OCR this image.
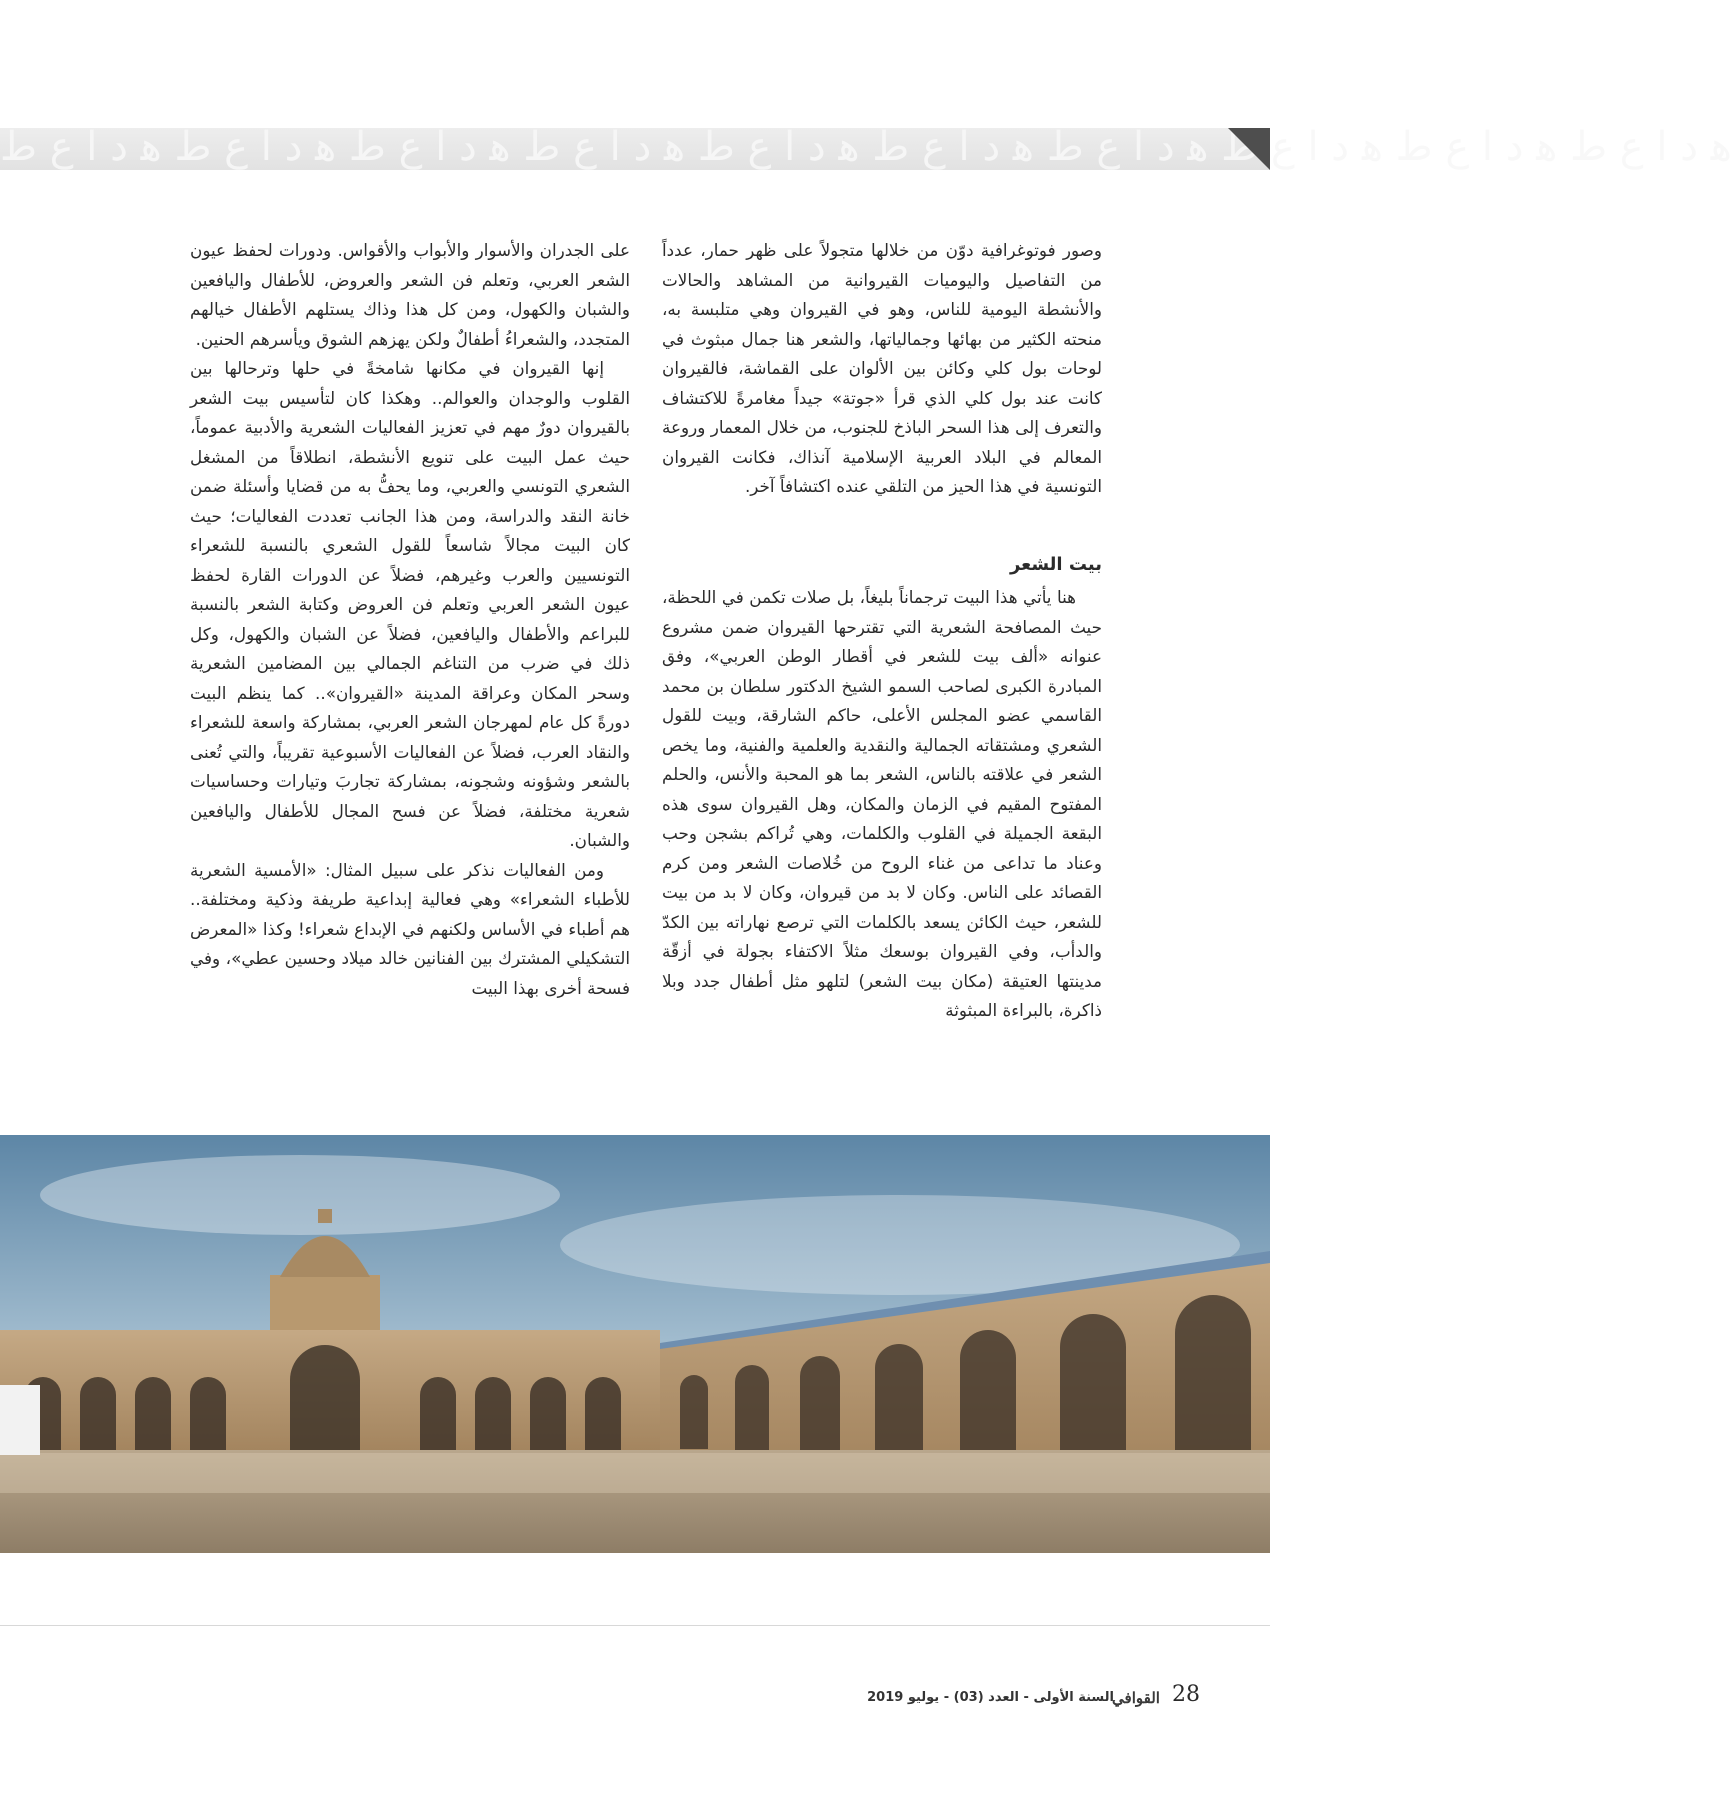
ﻫ ﺩ ﺍ ﻉ ﻁ ﻫ ﺩ ﺍ ﻉ ﻁ ﻫ ﺩ ﺍ ﻉ ﻁ ﻫ ﺩ ﺍ ﻉ ﻁ ﻫ ﺩ ﺍ ﻉ ﻁ ﻫ ﺩ ﺍ ﻉ ﻁ ﻫ ﺩ ﺍ ﻉ ﻁ ﻫ ﺩ ﺍ ﻉ ﻁ ﻫ ﺩ ﺍ ﻉ ﻁ ﻫ ﺩ ﺍ ﻉ ﻁ

وصور فوتوغرافية دوّن من خلالها متجولاً على ظهر حمار، عدداً من التفاصيل واليوميات القيروانية من المشاهد والحالات والأنشطة اليومية للناس، وهو في القيروان وهي متلبسة به، منحته الكثير من بهائها وجمالياتها، والشعر هنا جمال مبثوث في لوحات بول كلي وكائن بين الألوان على القماشة، فالقيروان كانت عند بول كلي الذي قرأ «جوتة» جيداً مغامرةً للاكتشاف والتعرف إلى هذا السحر الباذخ للجنوب، من خلال المعمار وروعة المعالم في البلاد العربية الإسلامية آنذاك، فكانت القيروان التونسية في هذا الحيز من التلقي عنده اكتشافاً آخر.

بيت الشعر

هنا يأتي هذا البيت ترجماناً بليغاً، بل صلات تكمن في اللحظة، حيث المصافحة الشعرية التي تقترحها القيروان ضمن مشروع عنوانه «ألف بيت للشعر في أقطار الوطن العربي»، وفق المبادرة الكبرى لصاحب السمو الشيخ الدكتور سلطان بن محمد القاسمي عضو المجلس الأعلى، حاكم الشارقة، وبيت للقول الشعري ومشتقاته الجمالية والنقدية والعلمية والفنية، وما يخص الشعر في علاقته بالناس، الشعر بما هو المحبة والأنس، والحلم المفتوح المقيم في الزمان والمكان، وهل القيروان سوى هذه البقعة الجميلة في القلوب والكلمات، وهي تُراكم بشجن وحب وعناد ما تداعى من غناء الروح من خُلاصات الشعر ومن كرم القصائد على الناس. وكان لا بد من قيروان، وكان لا بد من بيت للشعر، حيث الكائن يسعد بالكلمات التي ترصع نهاراته بين الكدّ والدأب، وفي القيروان بوسعك مثلاً الاكتفاء بجولة في أزقّة مدينتها العتيقة (مكان بيت الشعر) لتلهو مثل أطفال جدد وبلا ذاكرة، بالبراءة المبثوثة

على الجدران والأسوار والأبواب والأقواس. ودورات لحفظ عيون الشعر العربي، وتعلم فن الشعر والعروض، للأطفال واليافعين والشبان والكهول، ومن كل هذا وذاك يستلهم الأطفال خيالهم المتجدد، والشعراءُ أطفالٌ ولكن يهزهم الشوق ويأسرهم الحنين.

إنها القيروان في مكانها شامخةً في حلها وترحالها بين القلوب والوجدان والعوالم.. وهكذا كان لتأسيس بيت الشعر بالقيروان دورٌ مهم في تعزيز الفعاليات الشعرية والأدبية عموماً، حيث عمل البيت على تنويع الأنشطة، انطلاقاً من المشغل الشعري التونسي والعربي، وما يحفُّ به من قضايا وأسئلة ضمن خانة النقد والدراسة، ومن هذا الجانب تعددت الفعاليات؛ حيث كان البيت مجالاً شاسعاً للقول الشعري بالنسبة للشعراء التونسيين والعرب وغيرهم، فضلاً عن الدورات القارة لحفظ عيون الشعر العربي وتعلم فن العروض وكتابة الشعر بالنسبة للبراعم والأطفال واليافعين، فضلاً عن الشبان والكهول، وكل ذلك في ضرب من التناغم الجمالي بين المضامين الشعرية وسحر المكان وعراقة المدينة «القيروان».. كما ينظم البيت دورةً كل عام لمهرجان الشعر العربي، بمشاركة واسعة للشعراء والنقاد العرب، فضلاً عن الفعاليات الأسبوعية تقريباً، والتي تُعنى بالشعر وشؤونه وشجونه، بمشاركة تجاربَ وتيارات وحساسيات شعرية مختلفة، فضلاً عن فسح المجال للأطفال واليافعين والشبان.

ومن الفعاليات نذكر على سبيل المثال: «الأمسية الشعرية للأطباء الشعراء» وهي فعالية إبداعية طريفة وذكية ومختلفة.. هم أطباء في الأساس ولكنهم في الإبداع شعراء! وكذا «المعرض التشكيلي المشترك بين الفنانين خالد ميلاد وحسين عطي»، وفي فسحة أخرى بهذا البيت

السنة الأولى - العدد (03) - يوليو 2019
القوافي 28
